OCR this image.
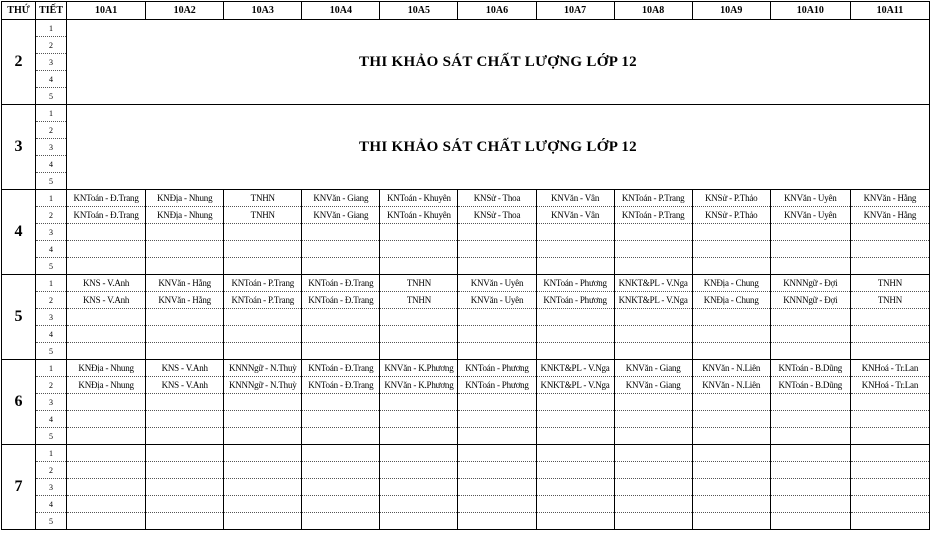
THỨ	TIẾT	10A1	10A2	10A3	10A4	10A5	10A6	10A7	10A8	10A9	10A10	10A11
2	1	THI KHẢO SÁT CHẤT LƯỢNG LỚP 12										
	2											
	3											
	4											
	5											
3	1	THI KHẢO SÁT CHẤT LƯỢNG LỚP 12										
	2											
	3											
	4											
	5											
4	1	KNToán - Đ.Trang	KNĐịa - Nhung	TNHN	KNVăn - Giang	KNToán - Khuyên	KNSử - Thoa	KNVăn - Vân	KNToán - P.Trang	KNSử - P.Thảo	KNVăn - Uyên	KNVăn - Hằng
	2	KNToán - Đ.Trang	KNĐịa - Nhung	TNHN	KNVăn - Giang	KNToán - Khuyên	KNSử - Thoa	KNVăn - Vân	KNToán - P.Trang	KNSử - P.Thảo	KNVăn - Uyên	KNVăn - Hằng
	3											
	4											
	5											
5	1	KNS - V.Anh	KNVăn - Hằng	KNToán - P.Trang	KNToán - Đ.Trang	TNHN	KNVăn - Uyên	KNToán - Phương	KNKT&PL - V.Nga	KNĐịa - Chung	KNNNgữ - Đợi	TNHN
	2	KNS - V.Anh	KNVăn - Hằng	KNToán - P.Trang	KNToán - Đ.Trang	TNHN	KNVăn - Uyên	KNToán - Phương	KNKT&PL - V.Nga	KNĐịa - Chung	KNNNgữ - Đợi	TNHN
	3											
	4											
	5											
6	1	KNĐịa - Nhung	KNS - V.Anh	KNNNgữ - N.Thuỳ	KNToán - Đ.Trang	KNVăn - K.Phương	KNToán - Phương	KNKT&PL - V.Nga	KNVăn - Giang	KNVăn - N.Liên	KNToán - B.Dũng	KNHoá - Tr.Lan
	2	KNĐịa - Nhung	KNS - V.Anh	KNNNgữ - N.Thuỳ	KNToán - Đ.Trang	KNVăn - K.Phương	KNToán - Phương	KNKT&PL - V.Nga	KNVăn - Giang	KNVăn - N.Liên	KNToán - B.Dũng	KNHoá - Tr.Lan
	3											
	4											
	5											
7	1											
	2											
	3											
	4											
	5											
